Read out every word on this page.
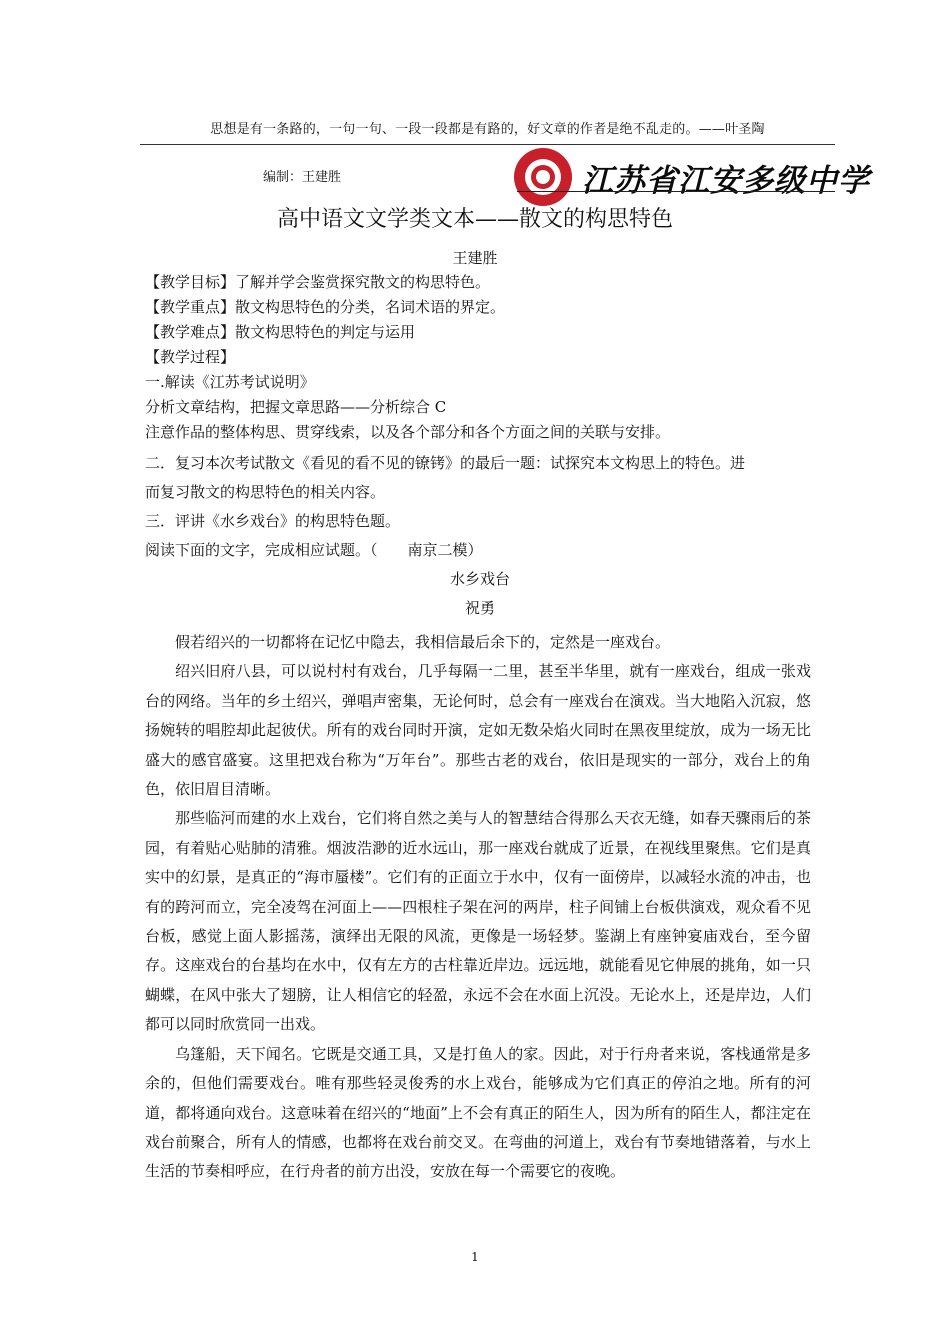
思想是有一条路的，一句一句、一段一段都是有路的，好文章的作者是绝不乱走的。——叶圣陶
编制：王建胜	江苏省江安多级中学
高中语文文学类文本——散文的构思特色
王建胜
【教学目标】了解并学会鉴赏探究散文的构思特色。
【教学重点】散文构思特色的分类，名词术语的界定。
【教学难点】散文构思特色的判定与运用
【教学过程】
一.解读《江苏考试说明》
分析文章结构，把握文章思路——分析综合 C
注意作品的整体构思、贯穿线索，以及各个部分和各个方面之间的关联与安排。
二．复习本次考试散文《看见的看不见的镣铐》的最后一题：试探究本文构思上的特色。进
而复习散文的构思特色的相关内容。
三．评讲《水乡戏台》的构思特色题。
阅读下面的文字，完成相应试题。（　　南京二模）
水乡戏台
祝勇

假若绍兴的一切都将在记忆中隐去，我相信最后余下的，定然是一座戏台。

绍兴旧府八县，可以说村村有戏台，几乎每隔一二里，甚至半华里，就有一座戏台，组成一张戏台的网络。当年的乡土绍兴，弹唱声密集，无论何时，总会有一座戏台在演戏。当大地陷入沉寂，悠扬婉转的唱腔却此起彼伏。所有的戏台同时开演，定如无数朵焰火同时在黑夜里绽放，成为一场无比盛大的感官盛宴。这里把戏台称为“万年台”。那些古老的戏台，依旧是现实的一部分，戏台上的角色，依旧眉目清晰。

那些临河而建的水上戏台，它们将自然之美与人的智慧结合得那么天衣无缝，如春天骤雨后的茶园，有着贴心贴肺的清雅。烟波浩渺的近水远山，那一座戏台就成了近景，在视线里聚焦。它们是真实中的幻景，是真正的“海市蜃楼”。它们有的正面立于水中，仅有一面傍岸，以减轻水流的冲击，也有的跨河而立，完全凌驾在河面上——四根柱子架在河的两岸，柱子间铺上台板供演戏，观众看不见台板，感觉上面人影摇荡，演绎出无限的风流，更像是一场轻梦。鉴湖上有座钟宴庙戏台，至今留存。这座戏台的台基均在水中，仅有左方的古柱靠近岸边。远远地，就能看见它伸展的挑角，如一只蝴蝶，在风中张大了翅膀，让人相信它的轻盈，永远不会在水面上沉没。无论水上，还是岸边，人们都可以同时欣赏同一出戏。

乌篷船，天下闻名。它既是交通工具，又是打鱼人的家。因此，对于行舟者来说，客栈通常是多余的，但他们需要戏台。唯有那些轻灵俊秀的水上戏台，能够成为它们真正的停泊之地。所有的河道，都将通向戏台。这意味着在绍兴的“地面”上不会有真正的陌生人，因为所有的陌生人，都注定在戏台前聚合，所有人的情感，也都将在戏台前交叉。在弯曲的河道上，戏台有节奏地错落着，与水上生活的节奏相呼应，在行舟者的前方出没，安放在每一个需要它的夜晚。

1
